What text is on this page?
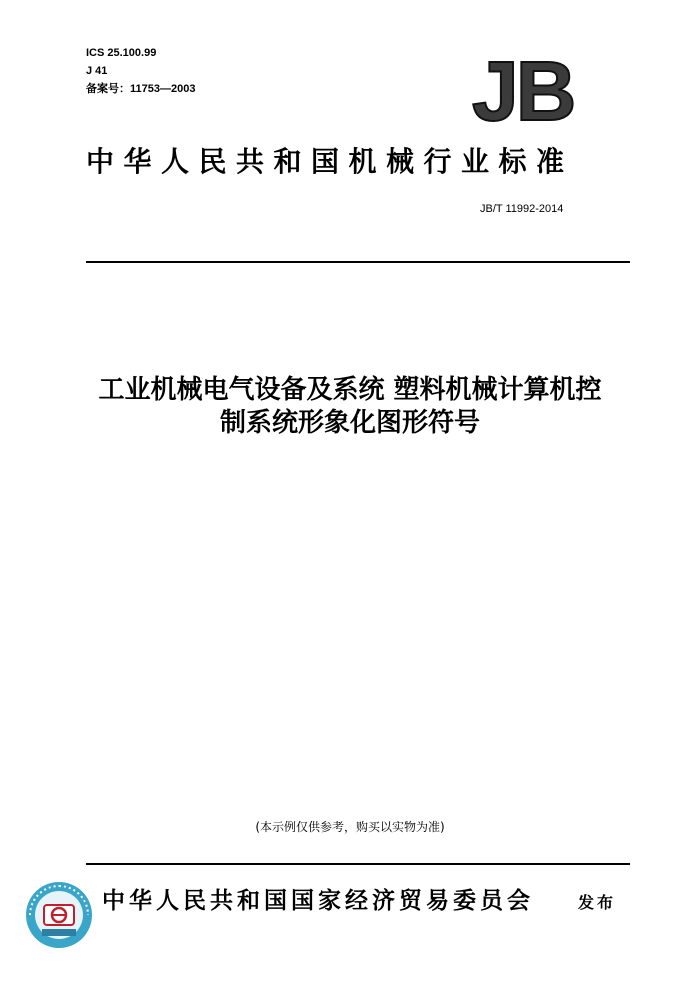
ICS 25.100.99
J 41
备案号：11753—2003	JB
中华人民共和国机械行业标准
JB/T 11992-2014
工业机械电气设备及系统 塑料机械计算机控
制系统形象化图形符号
(本示例仅供参考，购买以实物为准)
中华人民共和国国家经济贸易委员会	发布
